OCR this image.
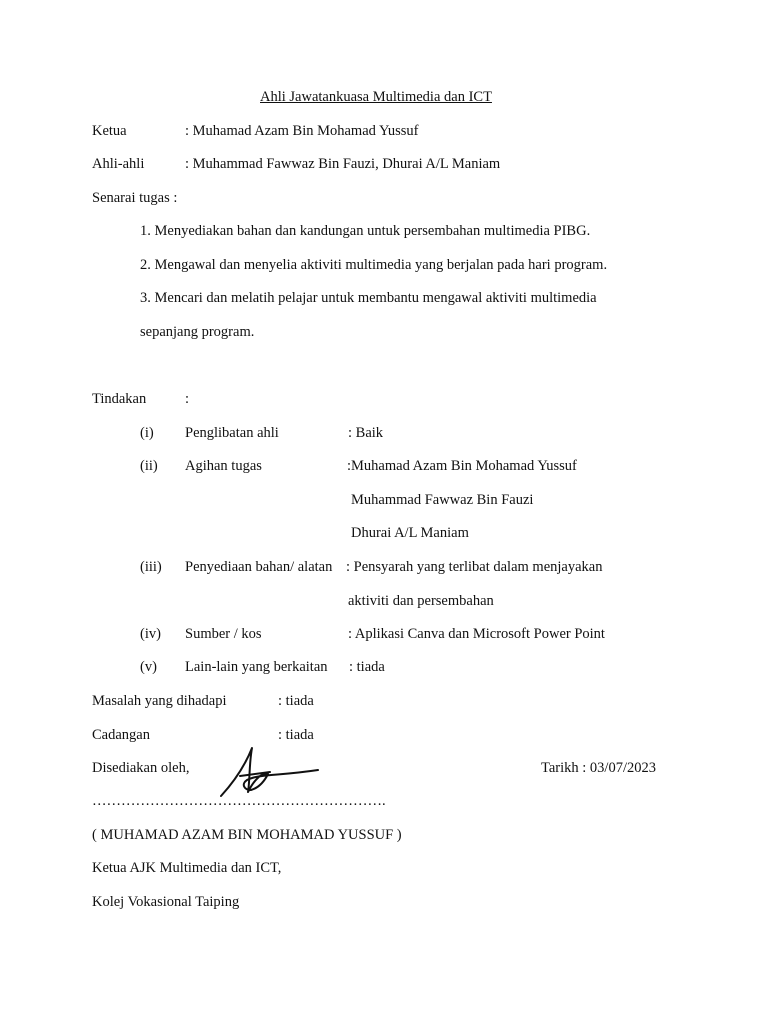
Ahli Jawatankuasa Multimedia dan ICT
Ketua	: Muhamad Azam Bin Mohamad Yussuf
Ahli-ahli	: Muhammad Fawwaz Bin Fauzi, Dhurai A/L Maniam
Senarai tugas :
1. Menyediakan bahan dan kandungan untuk persembahan multimedia PIBG.
2. Mengawal dan menyelia aktiviti multimedia yang berjalan pada hari program.
3. Mencari dan melatih pelajar untuk membantu mengawal aktiviti multimedia
sepanjang program.
Tindakan	:
(i) Penglibatan ahli	: Baik
(ii) Agihan tugas	:Muhamad Azam Bin Mohamad Yussuf
Muhammad Fawwaz Bin Fauzi
Dhurai A/L Maniam
(iii) Penyediaan bahan/ alatan : Pensyarah yang terlibat dalam menjayakan
aktiviti dan persembahan
(iv) Sumber / kos	: Aplikasi Canva dan Microsoft Power Point
(v) Lain-lain yang berkaitan : tiada
Masalah yang dihadapi	: tiada
Cadangan	: tiada
Disediakan oleh,	Tarikh : 03/07/2023
…………………………………………………….
( MUHAMAD AZAM BIN MOHAMAD YUSSUF )
Ketua AJK Multimedia dan ICT,
Kolej Vokasional Taiping
